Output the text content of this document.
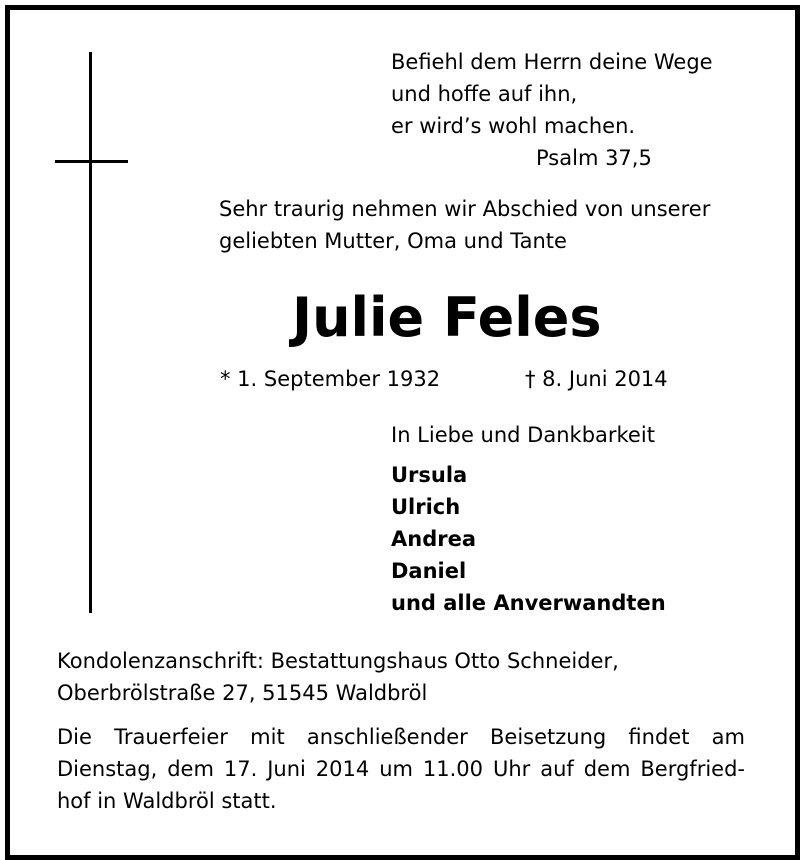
Befiehl dem Herrn deine Wege
und hoffe auf ihn,
er wird’s wohl machen.
Psalm 37,5
Sehr traurig nehmen wir Abschied von unserer
geliebten Mutter, Oma und Tante
Julie Feles
* 1. September 1932	† 8. Juni 2014
In Liebe und Dankbarkeit
Ursula
Ulrich
Andrea
Daniel
und alle Anverwandten
Kondolenzanschrift: Bestattungshaus Otto Schneider,
Oberbrölstraße 27, 51545 Waldbröl
Die Trauerfeier mit anschließender Beisetzung findet am Dienstag, dem 17. Juni 2014 um 11.00 Uhr auf dem Bergfried-hof in Waldbröl statt.
